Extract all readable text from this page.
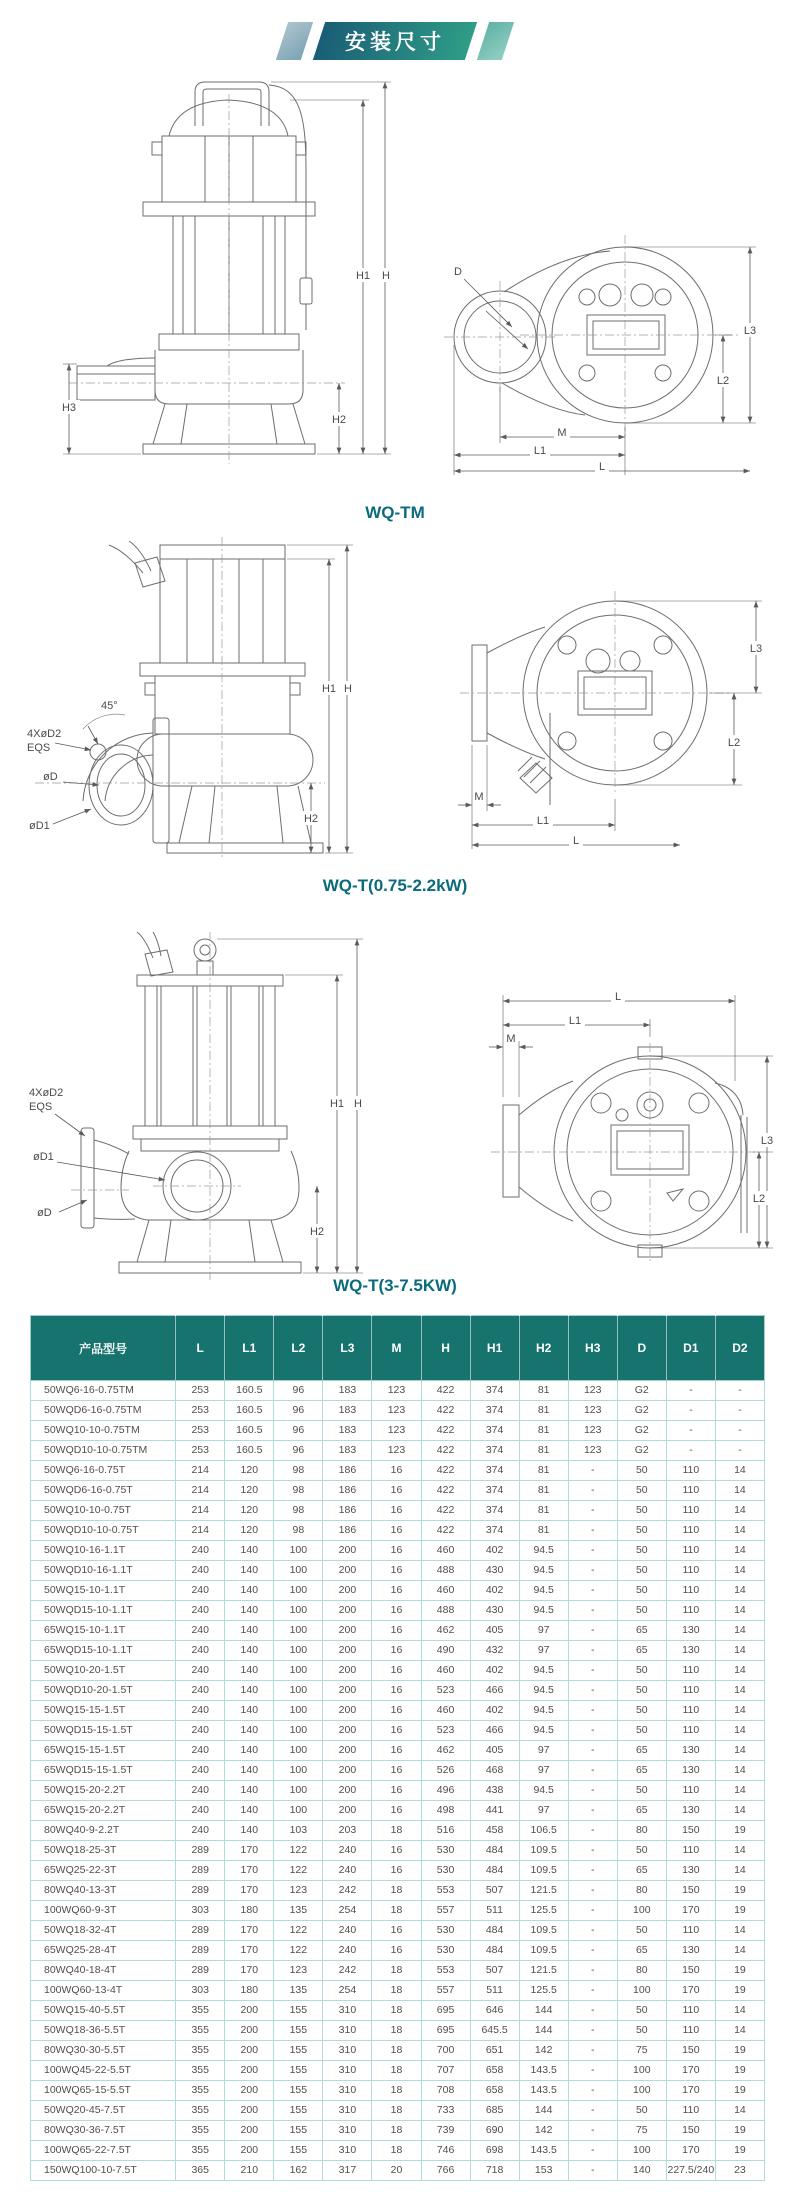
安装尺寸
H1 H
H3
H2
D
L3
L2
M
L1
L
WQ-TM
45°
4XøD2
EQS
øD
øD1
H1 H
H2
L3
L2
M
L1
L
WQ-T(0.75-2.2kW)
4XøD2
EQS
øD1
øD
H1 H
H2
L
L1
M
L3
L2
WQ-T(3-7.5KW)
产品型号	L	L1	L2	L3	M	H	H1	H2	H3	D	D1	D2
50WQ6-16-0.75TM	253	160.5	96	183	123	422	374	81	123	G2	-	-
50WQD6-16-0.75TM	253	160.5	96	183	123	422	374	81	123	G2	-	-
50WQ10-10-0.75TM	253	160.5	96	183	123	422	374	81	123	G2	-	-
50WQD10-10-0.75TM	253	160.5	96	183	123	422	374	81	123	G2	-	-
50WQ6-16-0.75T	214	120	98	186	16	422	374	81	-	50	110	14
50WQD6-16-0.75T	214	120	98	186	16	422	374	81	-	50	110	14
50WQ10-10-0.75T	214	120	98	186	16	422	374	81	-	50	110	14
50WQD10-10-0.75T	214	120	98	186	16	422	374	81	-	50	110	14
50WQ10-16-1.1T	240	140	100	200	16	460	402	94.5	-	50	110	14
50WQD10-16-1.1T	240	140	100	200	16	488	430	94.5	-	50	110	14
50WQ15-10-1.1T	240	140	100	200	16	460	402	94.5	-	50	110	14
50WQD15-10-1.1T	240	140	100	200	16	488	430	94.5	-	50	110	14
65WQ15-10-1.1T	240	140	100	200	16	462	405	97	-	65	130	14
65WQD15-10-1.1T	240	140	100	200	16	490	432	97	-	65	130	14
50WQ10-20-1.5T	240	140	100	200	16	460	402	94.5	-	50	110	14
50WQD10-20-1.5T	240	140	100	200	16	523	466	94.5	-	50	110	14
50WQ15-15-1.5T	240	140	100	200	16	460	402	94.5	-	50	110	14
50WQD15-15-1.5T	240	140	100	200	16	523	466	94.5	-	50	110	14
65WQ15-15-1.5T	240	140	100	200	16	462	405	97	-	65	130	14
65WQD15-15-1.5T	240	140	100	200	16	526	468	97	-	65	130	14
50WQ15-20-2.2T	240	140	100	200	16	496	438	94.5	-	50	110	14
65WQ15-20-2.2T	240	140	100	200	16	498	441	97	-	65	130	14
80WQ40-9-2.2T	240	140	103	203	18	516	458	106.5	-	80	150	19
50WQ18-25-3T	289	170	122	240	16	530	484	109.5	-	50	110	14
65WQ25-22-3T	289	170	122	240	16	530	484	109.5	-	65	130	14
80WQ40-13-3T	289	170	123	242	18	553	507	121.5	-	80	150	19
100WQ60-9-3T	303	180	135	254	18	557	511	125.5	-	100	170	19
50WQ18-32-4T	289	170	122	240	16	530	484	109.5	-	50	110	14
65WQ25-28-4T	289	170	122	240	16	530	484	109.5	-	65	130	14
80WQ40-18-4T	289	170	123	242	18	553	507	121.5	-	80	150	19
100WQ60-13-4T	303	180	135	254	18	557	511	125.5	-	100	170	19
50WQ15-40-5.5T	355	200	155	310	18	695	646	144	-	50	110	14
50WQ18-36-5.5T	355	200	155	310	18	695	645.5	144	-	50	110	14
80WQ30-30-5.5T	355	200	155	310	18	700	651	142	-	75	150	19
100WQ45-22-5.5T	355	200	155	310	18	707	658	143.5	-	100	170	19
100WQ65-15-5.5T	355	200	155	310	18	708	658	143.5	-	100	170	19
50WQ20-45-7.5T	355	200	155	310	18	733	685	144	-	50	110	14
80WQ30-36-7.5T	355	200	155	310	18	739	690	142	-	75	150	19
100WQ65-22-7.5T	355	200	155	310	18	746	698	143.5	-	100	170	19
150WQ100-10-7.5T	365	210	162	317	20	766	718	153	-	140	227.5/240	23
